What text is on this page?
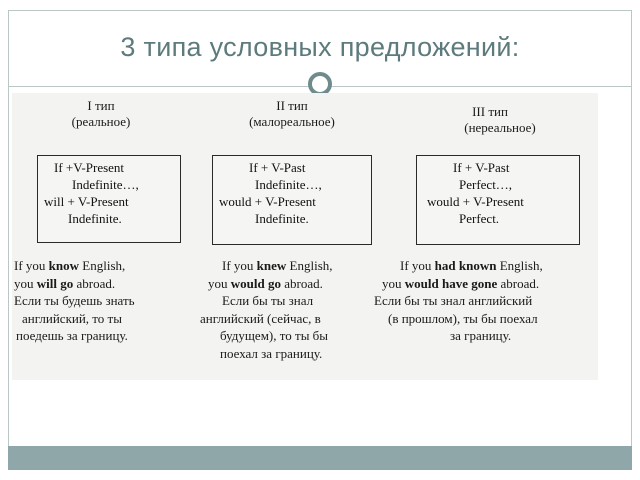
3 типа условных предложений:
I тип
(реальное)
If +V-Present
Indefinite…,
will + V-Present
Indefinite.
If you know English,
you will go abroad.
Если ты будешь знать
английский, то ты
поедешь за границу.
II тип
(малореальное)
If + V-Past
Indefinite…,
would + V-Present
Indefinite.
If you knew English,
you would go abroad.
Если бы ты знал
английский (сейчас, в
будущем), то ты бы
поехал за границу.
III тип
(нереальное)
If + V-Past
Perfect…,
would + V-Present
Perfect.
If you had known English,
you would have gone abroad.
Если бы ты знал английский
(в прошлом), ты бы поехал
за границу.
